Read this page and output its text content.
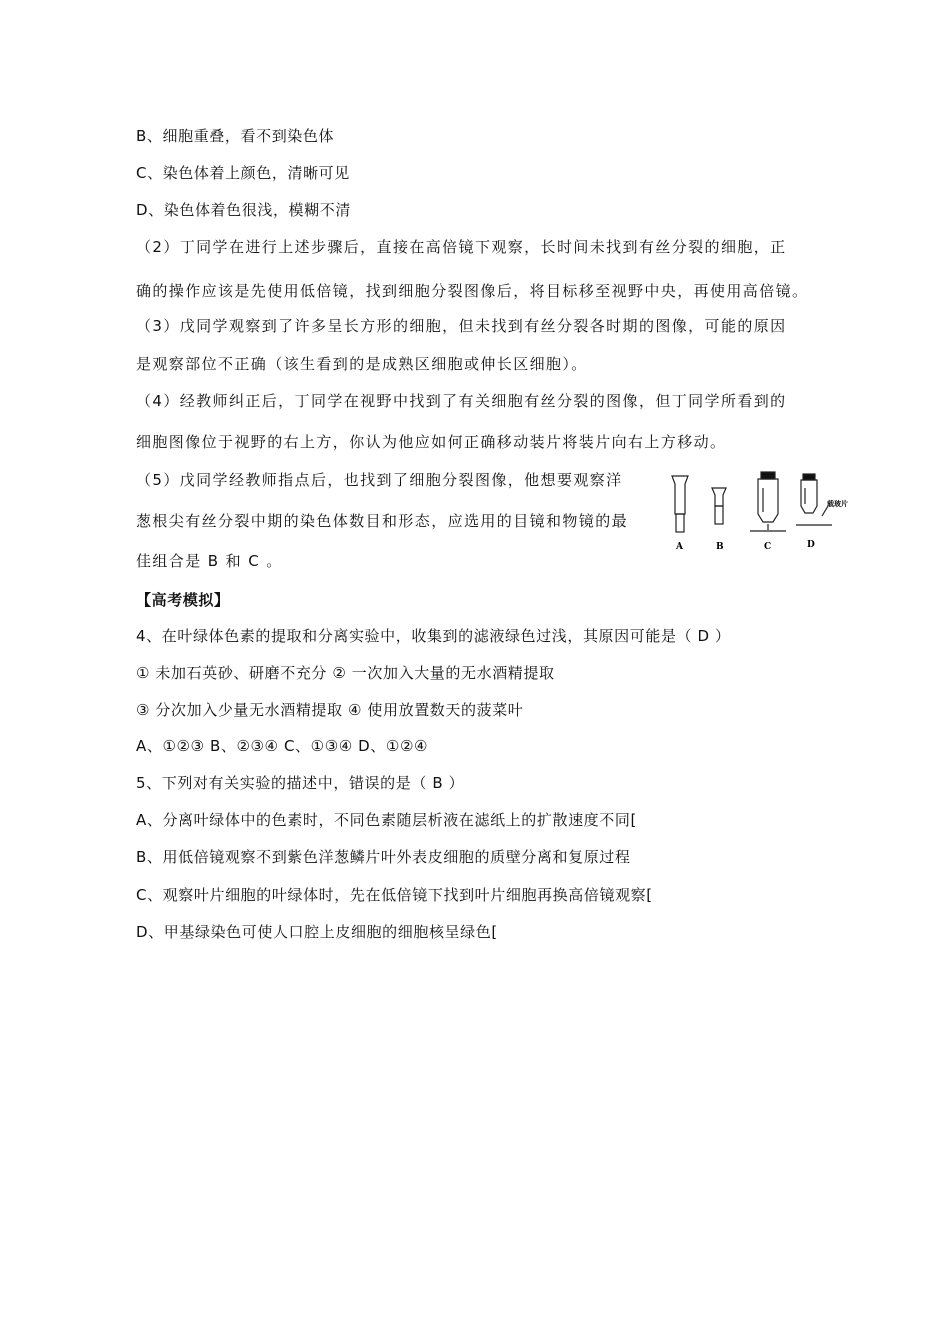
B、细胞重叠，看不到染色体
C、染色体着上颜色，清晰可见
D、染色体着色很浅，模糊不清
（2）丁同学在进行上述步骤后，直接在高倍镜下观察，长时间未找到有丝分裂的细胞，正
确的操作应该是先使用低倍镜，找到细胞分裂图像后，将目标移至视野中央，再使用高倍镜。
（3）戊同学观察到了许多呈长方形的细胞，但未找到有丝分裂各时期的图像，可能的原因
是观察部位不正确（该生看到的是成熟区细胞或伸长区细胞）。
（4）经教师纠正后，丁同学在视野中找到了有关细胞有丝分裂的图像，但丁同学所看到的
细胞图像位于视野的右上方，你认为他应如何正确移动装片将装片向右上方移动。
（5）戊同学经教师指点后，也找到了细胞分裂图像，他想要观察洋
葱根尖有丝分裂中期的染色体数目和形态，应选用的目镜和物镜的最
佳组合是 B 和 C 。
A	B	C	D
载玻片
【高考模拟】
4、在叶绿体色素的提取和分离实验中，收集到的滤液绿色过浅，其原因可能是（ D ）
① 未加石英砂、研磨不充分 ② 一次加入大量的无水酒精提取
③ 分次加入少量无水酒精提取 ④ 使用放置数天的菠菜叶
A、①②③ B、②③④ C、①③④ D、①②④
5、下列对有关实验的描述中，错误的是（ B ）
A、分离叶绿体中的色素时，不同色素随层析液在滤纸上的扩散速度不同[
B、用低倍镜观察不到紫色洋葱鳞片叶外表皮细胞的质壁分离和复原过程
C、观察叶片细胞的叶绿体时，先在低倍镜下找到叶片细胞再换高倍镜观察[
D、甲基绿染色可使人口腔上皮细胞的细胞核呈绿色[
